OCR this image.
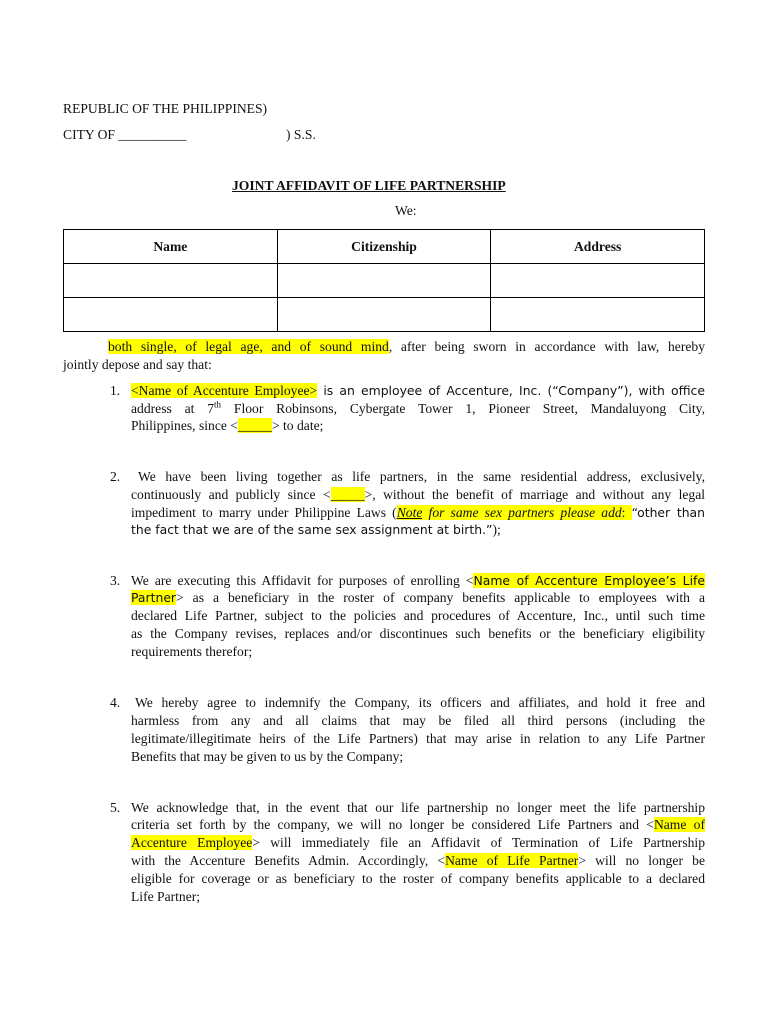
REPUBLIC OF THE PHILIPPINES)
CITY OF __________	) S.S.
JOINT AFFIDAVIT OF LIFE PARTNERSHIP
We:
Name	Citizenship	Address

both single, of legal age, and of sound mind, after being sworn in accordance with law, hereby
jointly depose and say that:
1. <Name of Accenture Employee> is an employee of Accenture, Inc. (“Company”), with office
address at 7th Floor Robinsons, Cybergate Tower 1, Pioneer Street, Mandaluyong City,
Philippines, since <_____> to date;
2. We have been living together as life partners, in the same residential address, exclusively,
continuously and publicly since <_____>, without the benefit of marriage and without any legal
impediment to marry under Philippine Laws (Note for same sex partners please add: “other than
the fact that we are of the same sex assignment at birth.”);
3. We are executing this Affidavit for purposes of enrolling <Name of Accenture Employee’s Life
Partner> as a beneficiary in the roster of company benefits applicable to employees with a
declared Life Partner, subject to the policies and procedures of Accenture, Inc., until such time
as the Company revises, replaces and/or discontinues such benefits or the beneficiary eligibility
requirements therefor;
4. We hereby agree to indemnify the Company, its officers and affiliates, and hold it free and
harmless from any and all claims that may be filed all third persons (including the
legitimate/illegitimate heirs of the Life Partners) that may arise in relation to any Life Partner
Benefits that may be given to us by the Company;
5. We acknowledge that, in the event that our life partnership no longer meet the life partnership
criteria set forth by the company, we will no longer be considered Life Partners and <Name of
Accenture Employee> will immediately file an Affidavit of Termination of Life Partnership
with the Accenture Benefits Admin. Accordingly, <Name of Life Partner> will no longer be
eligible for coverage or as beneficiary to the roster of company benefits applicable to a declared
Life Partner;
